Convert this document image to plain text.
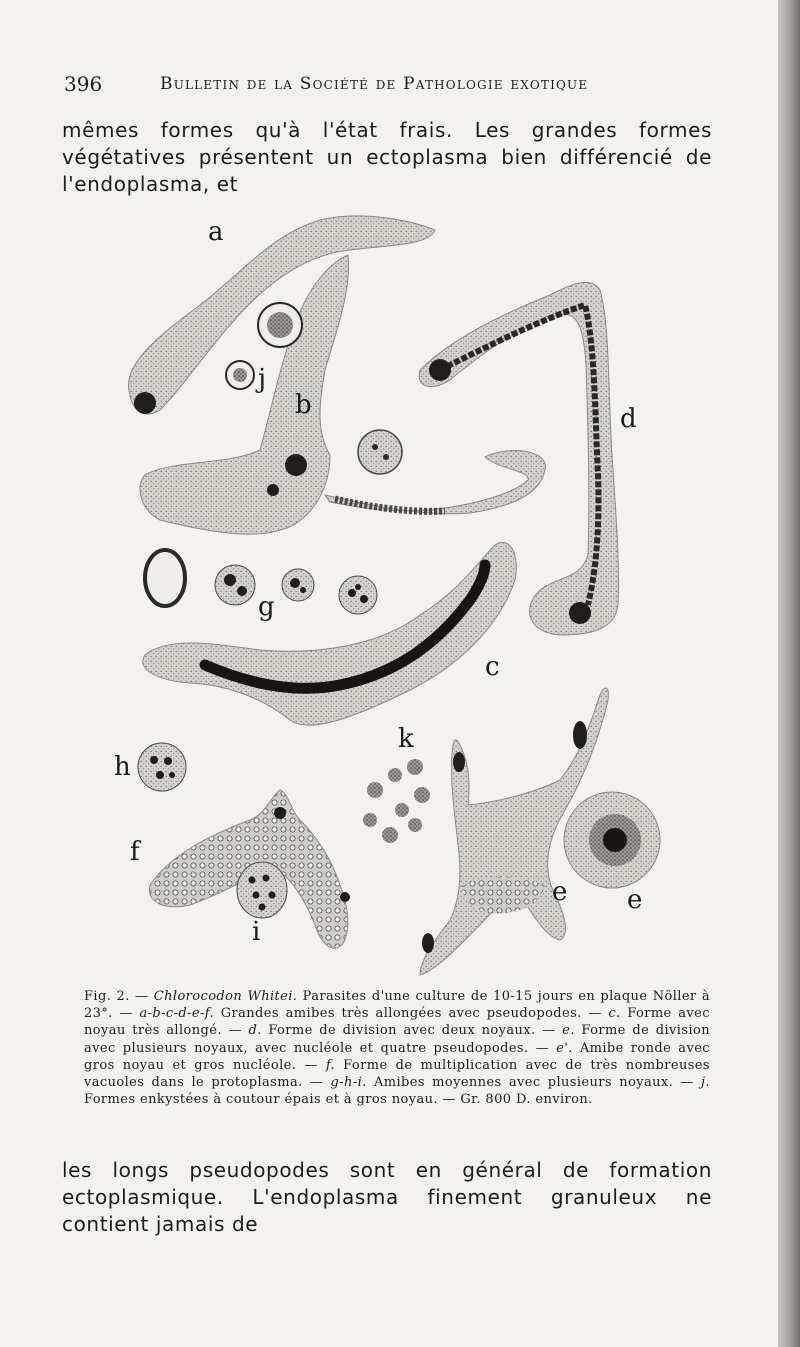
396	Bulletin de la Société de Pathologie exotique

mêmes formes qu'à l'état frais. Les grandes formes végétatives présentent un ectoplasma bien différencié de l'endoplasma, et

a
b
c
d
e e
f
g
h
i
j
k

Fig. 2. — Chlorocodon Whitei. Parasites d'une culture de 10-15 jours en plaque Nöller à 23°. — a-b-c-d-e-f. Grandes amibes très allongées avec pseudopodes. — c. Forme avec noyau très allongé. — d. Forme de division avec deux noyaux. — e. Forme de division avec plusieurs noyaux, avec nucléole et quatre pseudopodes. — e'. Amibe ronde avec gros noyau et gros nucléole. — f. Forme de multiplication avec de très nombreuses vacuoles dans le protoplasma. — g-h-i. Amibes moyennes avec plusieurs noyaux. — j. Formes enkystées à coutour épais et à gros noyau. — Gr. 800 D. environ.

les longs pseudopodes sont en général de formation ectoplasmique. L'endoplasma finement granuleux ne contient jamais de
